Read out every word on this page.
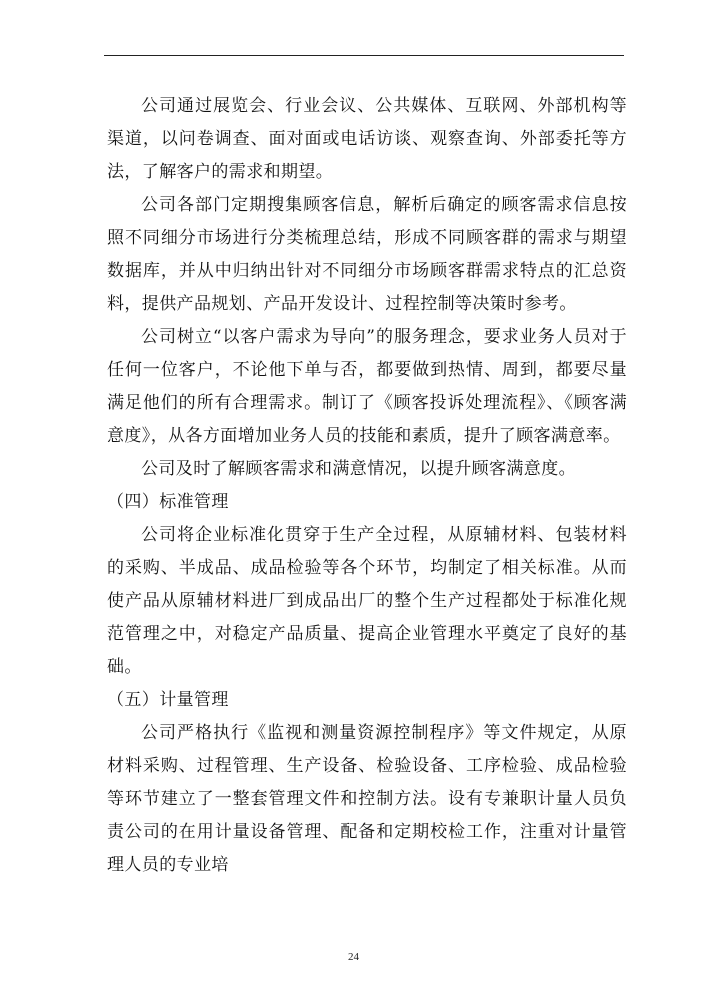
公司通过展览会、行业会议、公共媒体、互联网、外部机构等渠道，以问卷调查、面对面或电话访谈、观察查询、外部委托等方法，了解客户的需求和期望。

公司各部门定期搜集顾客信息，解析后确定的顾客需求信息按照不同细分市场进行分类梳理总结，形成不同顾客群的需求与期望数据库，并从中归纳出针对不同细分市场顾客群需求特点的汇总资料，提供产品规划、产品开发设计、过程控制等决策时参考。

公司树立“以客户需求为导向”的服务理念，要求业务人员对于任何一位客户，不论他下单与否，都要做到热情、周到，都要尽量满足他们的所有合理需求。制订了《顾客投诉处理流程》、《顾客满意度》，从各方面增加业务人员的技能和素质，提升了顾客满意率。

公司及时了解顾客需求和满意情况，以提升顾客满意度。

（四）标准管理

公司将企业标准化贯穿于生产全过程，从原辅材料、包装材料的采购、半成品、成品检验等各个环节，均制定了相关标准。从而使产品从原辅材料进厂到成品出厂的整个生产过程都处于标准化规范管理之中，对稳定产品质量、提高企业管理水平奠定了良好的基础。

（五）计量管理

公司严格执行《监视和测量资源控制程序》等文件规定，从原材料采购、过程管理、生产设备、检验设备、工序检验、成品检验等环节建立了一整套管理文件和控制方法。设有专兼职计量人员负责公司的在用计量设备管理、配备和定期校检工作，注重对计量管理人员的专业培

24
